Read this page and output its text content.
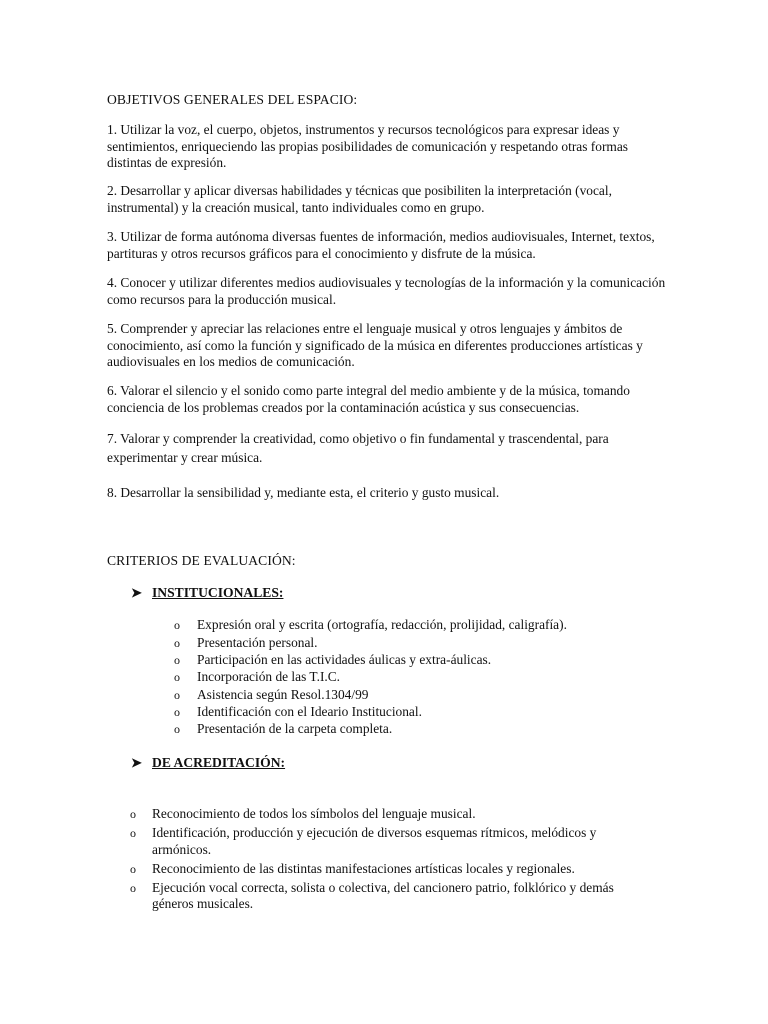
OBJETIVOS GENERALES DEL ESPACIO:

1. Utilizar la voz, el cuerpo, objetos, instrumentos y recursos tecnológicos para expresar ideas y sentimientos, enriqueciendo las propias posibilidades de comunicación y respetando otras formas distintas de expresión.

2. Desarrollar y aplicar diversas habilidades y técnicas que posibiliten la interpretación (vocal, instrumental) y la creación musical, tanto individuales como en grupo.

3. Utilizar de forma autónoma diversas fuentes de información, medios audiovisuales, Internet, textos, partituras y otros recursos gráficos para el conocimiento y disfrute de la música.

4. Conocer y utilizar diferentes medios audiovisuales y tecnologías de la información y la comunicación como recursos para la producción musical.

5. Comprender y apreciar las relaciones entre el lenguaje musical y otros lenguajes y ámbitos de conocimiento, así como la función y significado de la música en diferentes producciones artísticas y audiovisuales en los medios de comunicación.

6. Valorar el silencio y el sonido como parte integral del medio ambiente y de la música, tomando conciencia de los problemas creados por la contaminación acústica y sus consecuencias.

7. Valorar y comprender la creatividad, como objetivo o fin fundamental y trascendental, para experimentar y crear música.

8. Desarrollar la sensibilidad y, mediante esta, el criterio y gusto musical.

CRITERIOS DE EVALUACIÓN:
➤ INSTITUCIONALES:
o	Expresión oral y escrita (ortografía, redacción, prolijidad, caligrafía).
o	Presentación personal.
o	Participación en las actividades áulicas y extra-áulicas.
o	Incorporación de las T.I.C.
o	Asistencia según Resol.1304/99
o	Identificación con el Ideario Institucional.
o	Presentación de la carpeta completa.
➤ DE ACREDITACIÓN:
o	Reconocimiento de todos los símbolos del lenguaje musical.
o	Identificación, producción y ejecución de diversos esquemas rítmicos, melódicos y armónicos.
o	Reconocimiento de las distintas manifestaciones artísticas locales y regionales.
o	Ejecución vocal correcta, solista o colectiva, del cancionero patrio, folklórico y demás géneros musicales.
